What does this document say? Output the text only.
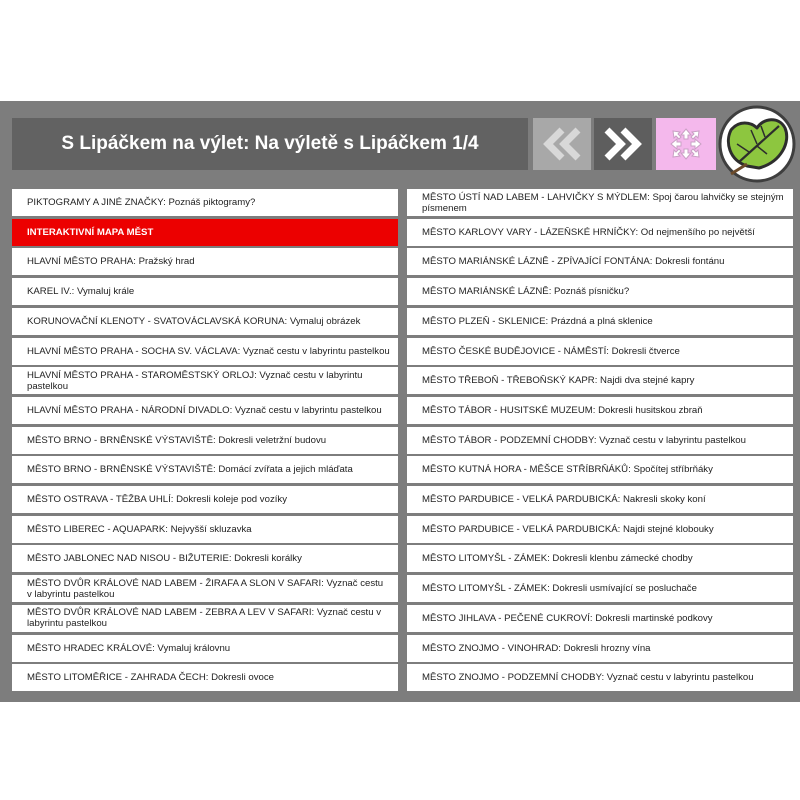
S Lipáčkem na výlet: Na výletě s Lipáčkem 1/4
PIKTOGRAMY A JINÉ ZNAČKY: Poznáš piktogramy?
INTERAKTIVNÍ MAPA MĚST
HLAVNÍ MĚSTO PRAHA: Pražský hrad
KAREL IV.: Vymaluj krále
KORUNOVAČNÍ KLENOTY - SVATOVÁCLAVSKÁ KORUNA: Vymaluj obrázek
HLAVNÍ MĚSTO PRAHA - SOCHA SV. VÁCLAVA: Vyznač cestu v labyrintu pastelkou
HLAVNÍ MĚSTO PRAHA - STAROMĚSTSKÝ ORLOJ: Vyznač cestu v labyrintu pastelkou
HLAVNÍ MĚSTO PRAHA - NÁRODNÍ DIVADLO: Vyznač cestu v labyrintu pastelkou
MĚSTO BRNO - BRNĚNSKÉ VÝSTAVIŠTĚ: Dokresli veletržní budovu
MĚSTO BRNO - BRNĚNSKÉ VÝSTAVIŠTĚ: Domácí zvířata a jejich mláďata
MĚSTO OSTRAVA - TĚŽBA UHLÍ: Dokresli koleje pod vozíky
MĚSTO LIBEREC - AQUAPARK: Nejvyšší skluzavka
MĚSTO JABLONEC NAD NISOU - BIŽUTERIE: Dokresli korálky
MĚSTO DVŮR KRÁLOVÉ NAD LABEM - ŽIRAFA A SLON V SAFARI: Vyznač cestu v labyrintu pastelkou
MĚSTO DVŮR KRÁLOVÉ NAD LABEM - ZEBRA A LEV V SAFARI: Vyznač cestu v labyrintu pastelkou
MĚSTO HRADEC KRÁLOVÉ: Vymaluj královnu
MĚSTO LITOMĚŘICE - ZAHRADA ČECH: Dokresli ovoce
MĚSTO ÚSTÍ NAD LABEM - LAHVIČKY S MÝDLEM: Spoj čarou lahvičky se stejným písmenem
MĚSTO KARLOVY VARY - LÁZEŇSKÉ HRNÍČKY: Od nejmenšího po největší
MĚSTO MARIÁNSKÉ LÁZNĚ - ZPÍVAJÍCÍ FONTÁNA: Dokresli fontánu
MĚSTO MARIÁNSKÉ LÁZNĚ: Poznáš písničku?
MĚSTO PLZEŇ - SKLENICE: Prázdná a plná sklenice
MĚSTO ČESKÉ BUDĚJOVICE - NÁMĚSTÍ: Dokresli čtverce
MĚSTO TŘEBOŇ - TŘEBOŇSKÝ KAPR: Najdi dva stejné kapry
MĚSTO TÁBOR - HUSITSKÉ MUZEUM: Dokresli husitskou zbraň
MĚSTO TÁBOR - PODZEMNÍ CHODBY: Vyznač cestu v labyrintu pastelkou
MĚSTO KUTNÁ HORA - MĚŠCE STŘÍBRŇÁKŮ: Spočítej stříbrňáky
MĚSTO PARDUBICE - VELKÁ PARDUBICKÁ: Nakresli skoky koní
MĚSTO PARDUBICE - VELKÁ PARDUBICKÁ: Najdi stejné klobouky
MĚSTO LITOMYŠL - ZÁMEK: Dokresli klenbu zámecké chodby
MĚSTO LITOMYŠL - ZÁMEK: Dokresli usmívající se posluchače
MĚSTO JIHLAVA - PEČENÉ CUKROVÍ: Dokresli martinské podkovy
MĚSTO ZNOJMO - VINOHRAD: Dokresli hrozny vína
MĚSTO ZNOJMO - PODZEMNÍ CHODBY: Vyznač cestu v labyrintu pastelkou
